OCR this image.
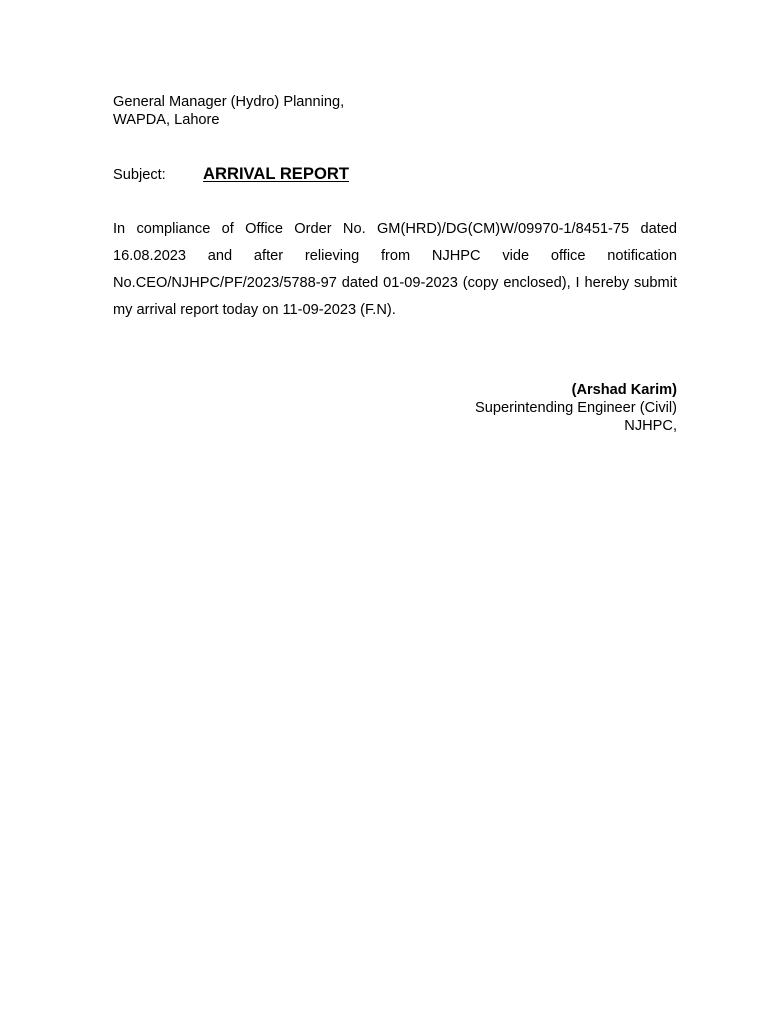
General Manager (Hydro) Planning,
WAPDA, Lahore
Subject:	ARRIVAL REPORT

In compliance of Office Order No. GM(HRD)/DG(CM)W/09970-1/8451-75 dated 16.08.2023 and after relieving from NJHPC vide office notification No.CEO/NJHPC/PF/2023/5788-97 dated 01-09-2023 (copy enclosed), I hereby submit my arrival report today on 11-09-2023 (F.N).

(Arshad Karim)
Superintending Engineer (Civil)
NJHPC,
